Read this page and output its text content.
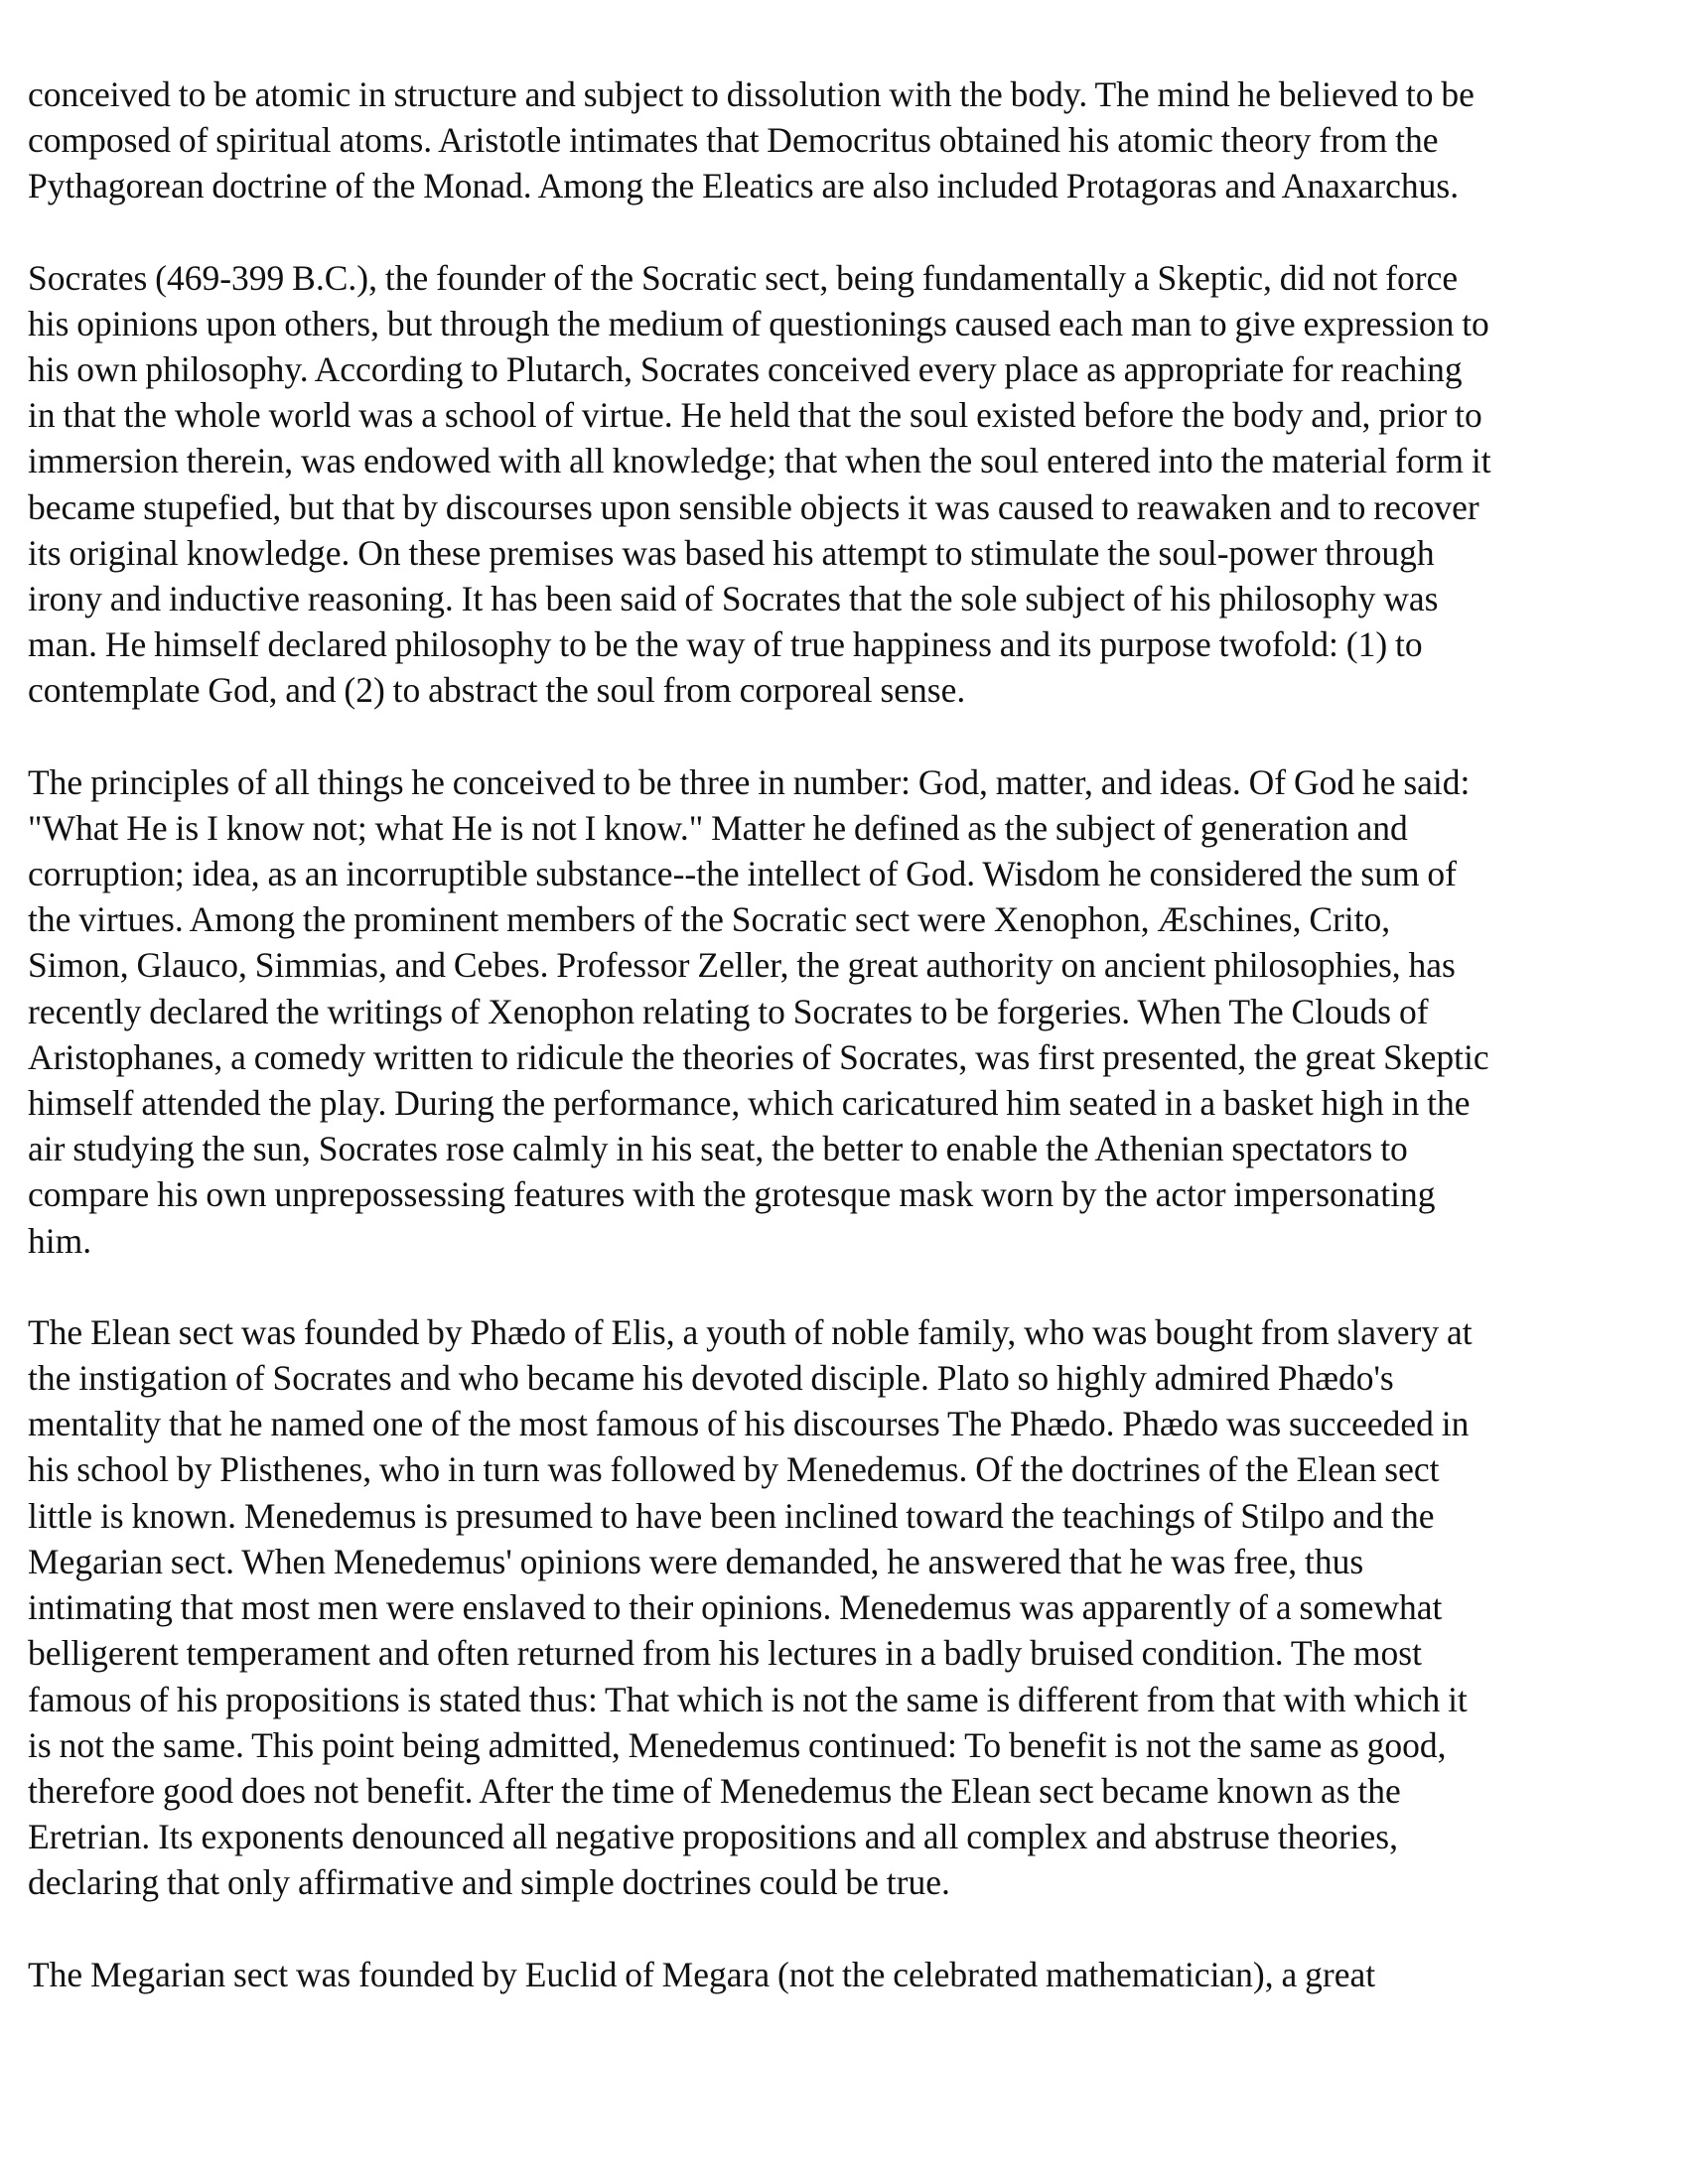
conceived to be atomic in structure and subject to dissolution with the body. The mind he believed to be
composed of spiritual atoms. Aristotle intimates that Democritus obtained his atomic theory from the
Pythagorean doctrine of the Monad. Among the Eleatics are also included Protagoras and Anaxarchus.

Socrates (469-399 B.C.), the founder of the Socratic sect, being fundamentally a Skeptic, did not force
his opinions upon others, but through the medium of questionings caused each man to give expression to
his own philosophy. According to Plutarch, Socrates conceived every place as appropriate for reaching
in that the whole world was a school of virtue. He held that the soul existed before the body and, prior to
immersion therein, was endowed with all knowledge; that when the soul entered into the material form it
became stupefied, but that by discourses upon sensible objects it was caused to reawaken and to recover
its original knowledge. On these premises was based his attempt to stimulate the soul-power through
irony and inductive reasoning. It has been said of Socrates that the sole subject of his philosophy was
man. He himself declared philosophy to be the way of true happiness and its purpose twofold: (1) to
contemplate God, and (2) to abstract the soul from corporeal sense.

The principles of all things he conceived to be three in number: God, matter, and ideas. Of God he said:
"What He is I know not; what He is not I know." Matter he defined as the subject of generation and
corruption; idea, as an incorruptible substance--the intellect of God. Wisdom he considered the sum of
the virtues. Among the prominent members of the Socratic sect were Xenophon, Æschines, Crito,
Simon, Glauco, Simmias, and Cebes. Professor Zeller, the great authority on ancient philosophies, has
recently declared the writings of Xenophon relating to Socrates to be forgeries. When The Clouds of
Aristophanes, a comedy written to ridicule the theories of Socrates, was first presented, the great Skeptic
himself attended the play. During the performance, which caricatured him seated in a basket high in the
air studying the sun, Socrates rose calmly in his seat, the better to enable the Athenian spectators to
compare his own unprepossessing features with the grotesque mask worn by the actor impersonating
him.

The Elean sect was founded by Phædo of Elis, a youth of noble family, who was bought from slavery at
the instigation of Socrates and who became his devoted disciple. Plato so highly admired Phædo's
mentality that he named one of the most famous of his discourses The Phædo. Phædo was succeeded in
his school by Plisthenes, who in turn was followed by Menedemus. Of the doctrines of the Elean sect
little is known. Menedemus is presumed to have been inclined toward the teachings of Stilpo and the
Megarian sect. When Menedemus' opinions were demanded, he answered that he was free, thus
intimating that most men were enslaved to their opinions. Menedemus was apparently of a somewhat
belligerent temperament and often returned from his lectures in a badly bruised condition. The most
famous of his propositions is stated thus: That which is not the same is different from that with which it
is not the same. This point being admitted, Menedemus continued: To benefit is not the same as good,
therefore good does not benefit. After the time of Menedemus the Elean sect became known as the
Eretrian. Its exponents denounced all negative propositions and all complex and abstruse theories,
declaring that only affirmative and simple doctrines could be true.

The Megarian sect was founded by Euclid of Megara (not the celebrated mathematician), a great
